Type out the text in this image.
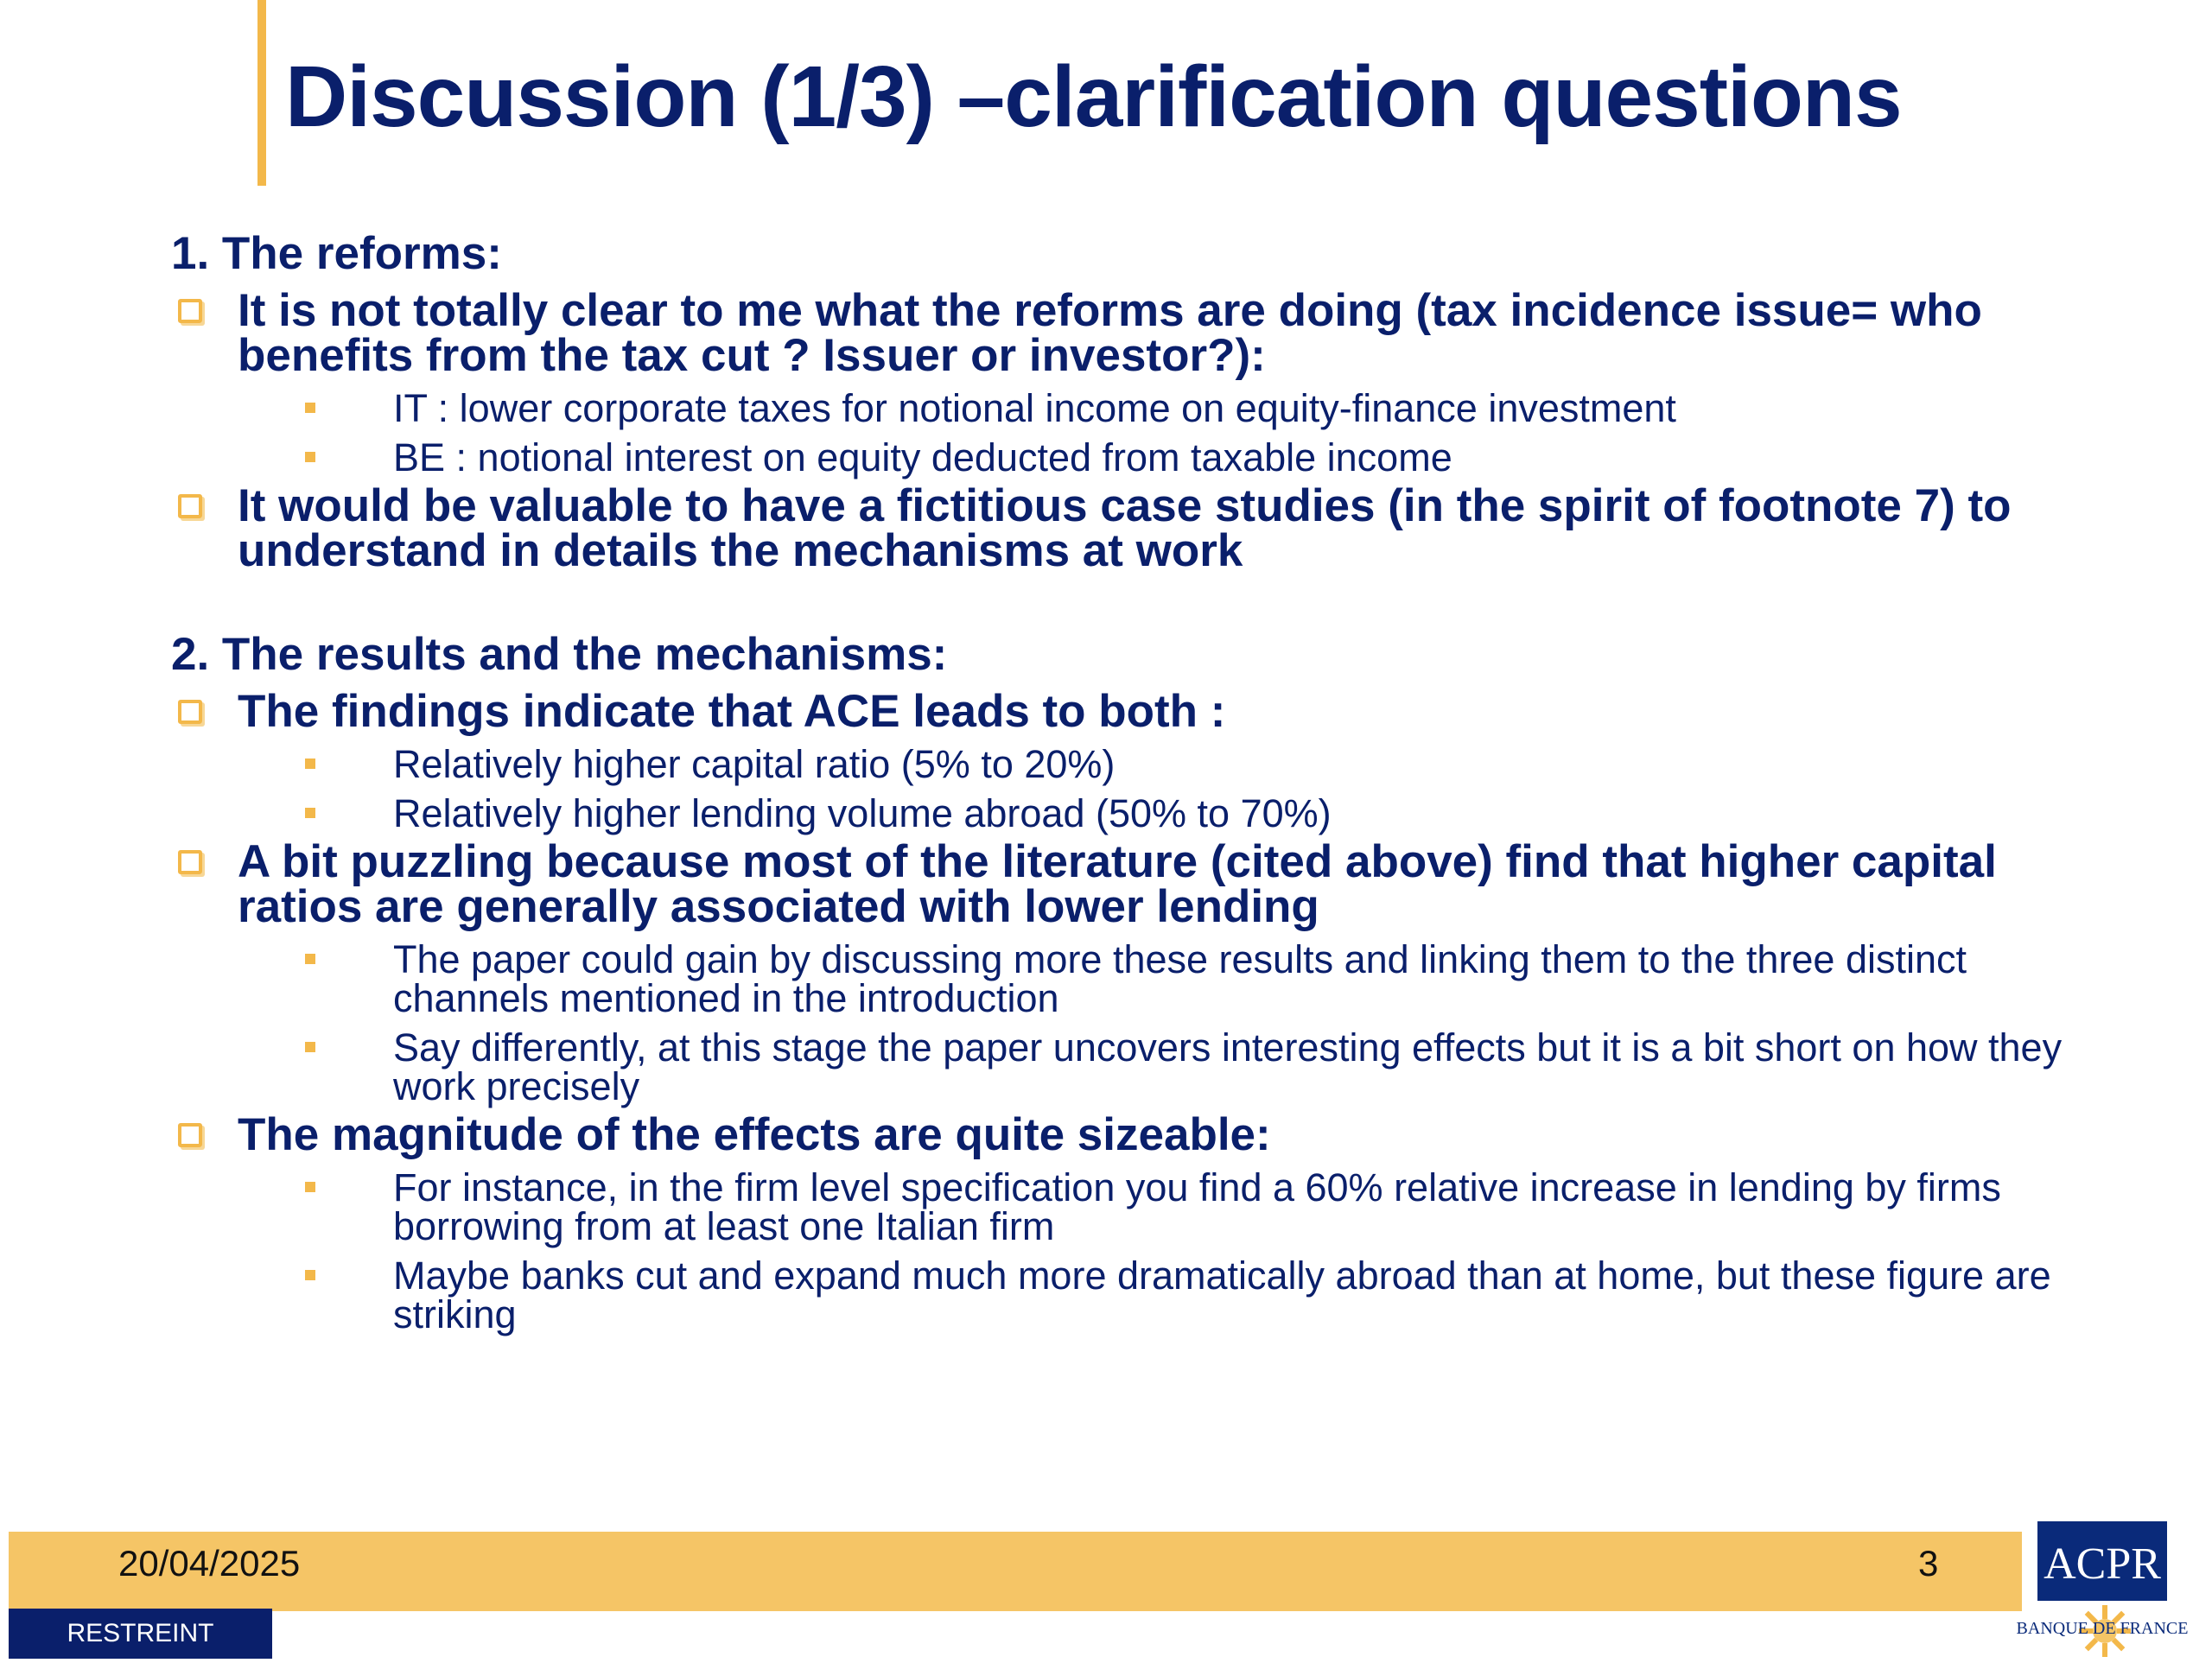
Discussion (1/3) –clarification questions
1. The reforms:
It is not totally clear to me what the reforms are doing (tax incidence issue= who benefits from the tax cut ? Issuer or investor?):
IT : lower corporate taxes for notional income on equity-finance investment
BE : notional interest on equity deducted from taxable income
It would be valuable to have a fictitious case studies (in the spirit of footnote 7) to understand in details the mechanisms at work
2. The results and the mechanisms:
The findings indicate that ACE leads to both :
Relatively higher capital ratio (5% to 20%)
Relatively higher lending volume abroad (50% to 70%)
A bit puzzling because most of the literature (cited above) find that higher capital ratios are generally associated with lower lending
The paper could gain by discussing more these results and linking them to the three distinct channels mentioned in the introduction
Say differently, at this stage the paper uncovers interesting effects but it is a bit short on how they work precisely
The magnitude of the effects are quite sizeable:
For instance, in the firm level specification you find a 60% relative increase in lending by firms borrowing from at least one Italian firm
Maybe banks cut and expand much more dramatically abroad than at home, but these figure are striking
20/04/2025	3
RESTREINT
ACPR
BANQUE DE FRANCE
